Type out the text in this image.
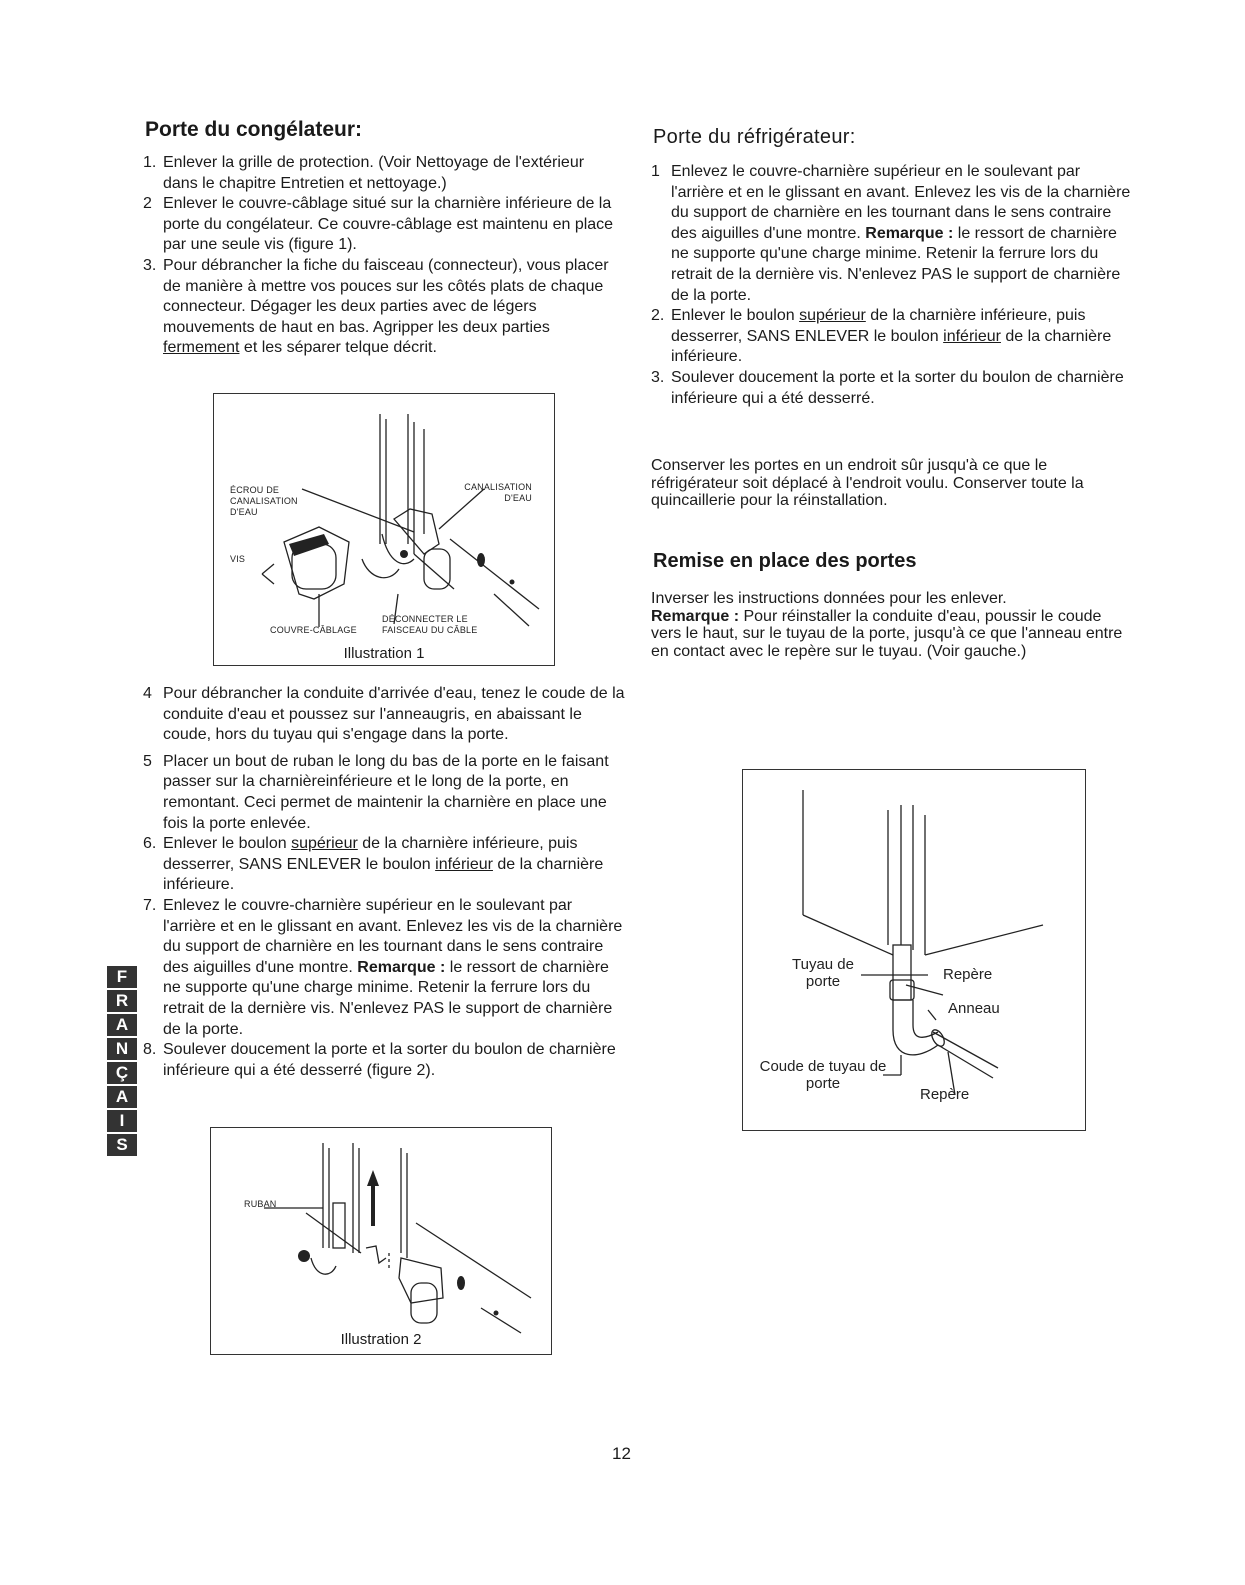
Porte du congélateur:
1. Enlever la grille de protection. (Voir Nettoyage de l'extérieur dans le chapitre Entretien et nettoyage.)
2 Enlever le couvre-câblage situé sur la charnière inférieure de la porte du congélateur. Ce couvre-câblage est maintenu en place par une seule vis (figure 1).
3. Pour débrancher la fiche du faisceau (connecteur), vous placer de manière à mettre vos pouces sur les côtés plats de chaque connecteur. Dégager les deux parties avec de légers mouvements de haut en bas. Agripper les deux parties fermement et les séparer telque décrit.
ÉCROU DE CANALISATION D'EAU
CANALISATION D'EAU
VIS
COUVRE-CÂBLAGE
DÉCONNECTER LE FAISCEAU DU CÂBLE
Illustration 1
4 Pour débrancher la conduite d'arrivée d'eau, tenez le coude de la conduite d'eau et poussez sur l'anneaugris, en abaissant le coude, hors du tuyau qui s'engage dans la porte.
5 Placer un bout de ruban le long du bas de la porte en le faisant passer sur la charnièreinférieure et le long de la porte, en remontant. Ceci permet de maintenir la charnière en place une fois la porte enlevée.
6. Enlever le boulon supérieur de la charnière inférieure, puis desserrer, SANS ENLEVER le boulon inférieur de la charnière inférieure.
7. Enlevez le couvre-charnière supérieur en le soulevant par l'arrière et en le glissant en avant. Enlevez les vis de la charnière du support de charnière en les tournant dans le sens contraire des aiguilles d'une montre. Remarque : le ressort de charnière ne supporte qu'une charge minime. Retenir la ferrure lors du retrait de la dernière vis. N'enlevez PAS le support de charnière de la porte.
8. Soulever doucement la porte et la sorter du boulon de charnière inférieure qui a été desserré (figure 2).
RUBAN
Illustration 2
Porte du réfrigérateur:
1 Enlevez le couvre-charnière supérieur en le soulevant par l'arrière et en le glissant en avant. Enlevez les vis de la charnière du support de charnière en les tournant dans le sens contraire des aiguilles d'une montre. Remarque : le ressort de charnière ne supporte qu'une charge minime. Retenir la ferrure lors du retrait de la dernière vis. N'enlevez PAS le support de charnière de la porte.
2. Enlever le boulon supérieur de la charnière inférieure, puis desserrer, SANS ENLEVER le boulon inférieur de la charnière inférieure.
3. Soulever doucement la porte et la sorter du boulon de charnière inférieure qui a été desserré.

Conserver les portes en un endroit sûr jusqu'à ce que le réfrigérateur soit déplacé à l'endroit voulu. Conserver toute la quincaillerie pour la réinstallation.

Remise en place des portes
Inverser les instructions données pour les enlever.
Remarque : Pour réinstaller la conduite d'eau, poussir le coude vers le haut, sur le tuyau de la porte, jusqu'à ce que l'anneau entre en contact avec le repère sur le tuyau. (Voir gauche.)
Tuyau de porte	Repère
Anneau
Coude de tuyau de porte
Repère
F
R
A
N
Ç
A
I
S
12
